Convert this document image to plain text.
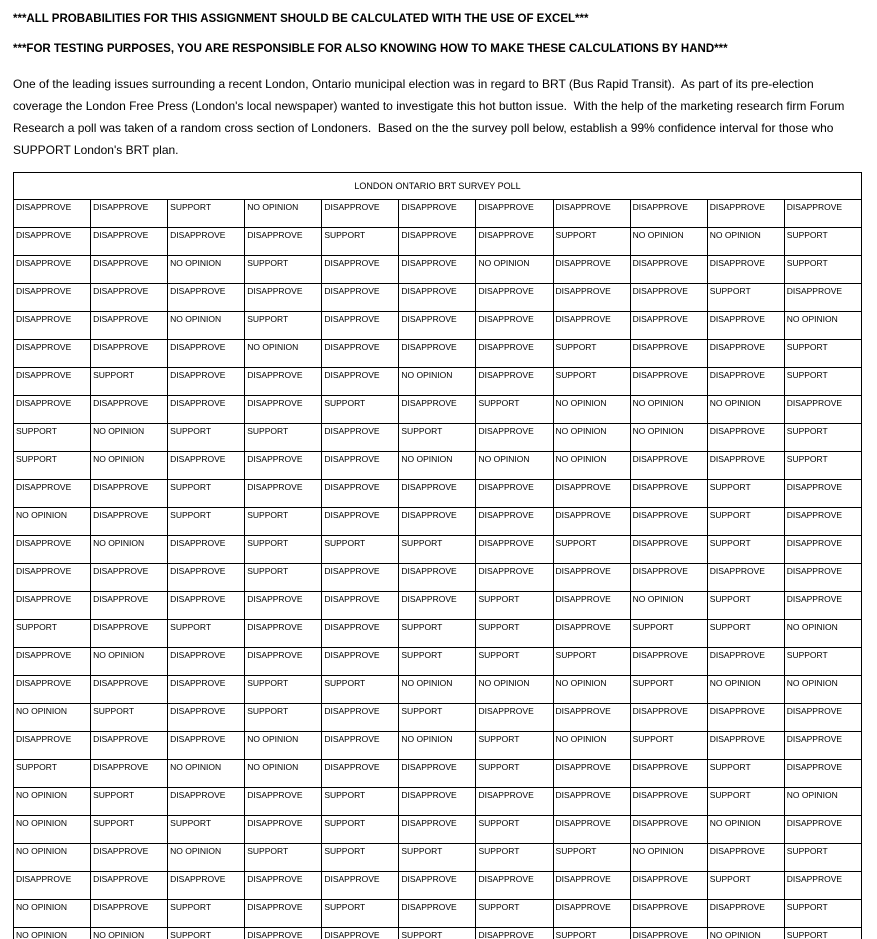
***ALL PROBABILITIES FOR THIS ASSIGNMENT SHOULD BE CALCULATED WITH THE USE OF EXCEL***

***FOR TESTING PURPOSES, YOU ARE RESPONSIBLE FOR ALSO KNOWING HOW TO MAKE THESE CALCULATIONS BY HAND***

One of the leading issues surrounding a recent London, Ontario municipal election was in regard to BRT (Bus Rapid Transit).  As part of its pre-election coverage the London Free Press (London's local newspaper) wanted to investigate this hot button issue.  With the help of the marketing research firm Forum Research a poll was taken of a random cross section of Londoners.  Based on the the survey poll below, establish a 99% confidence interval for those who SUPPORT London's BRT plan.

LONDON ONTARIO BRT SURVEY POLL										
DISAPPROVE	DISAPPROVE	SUPPORT	NO OPINION	DISAPPROVE	DISAPPROVE	DISAPPROVE	DISAPPROVE	DISAPPROVE	DISAPPROVE	DISAPPROVE
DISAPPROVE	DISAPPROVE	DISAPPROVE	DISAPPROVE	SUPPORT	DISAPPROVE	DISAPPROVE	SUPPORT	NO OPINION	NO OPINION	SUPPORT
DISAPPROVE	DISAPPROVE	NO OPINION	SUPPORT	DISAPPROVE	DISAPPROVE	NO OPINION	DISAPPROVE	DISAPPROVE	DISAPPROVE	SUPPORT
DISAPPROVE	DISAPPROVE	DISAPPROVE	DISAPPROVE	DISAPPROVE	DISAPPROVE	DISAPPROVE	DISAPPROVE	DISAPPROVE	SUPPORT	DISAPPROVE
DISAPPROVE	DISAPPROVE	NO OPINION	SUPPORT	DISAPPROVE	DISAPPROVE	DISAPPROVE	DISAPPROVE	DISAPPROVE	DISAPPROVE	NO OPINION
DISAPPROVE	DISAPPROVE	DISAPPROVE	NO OPINION	DISAPPROVE	DISAPPROVE	DISAPPROVE	SUPPORT	DISAPPROVE	DISAPPROVE	SUPPORT
DISAPPROVE	SUPPORT	DISAPPROVE	DISAPPROVE	DISAPPROVE	NO OPINION	DISAPPROVE	SUPPORT	DISAPPROVE	DISAPPROVE	SUPPORT
DISAPPROVE	DISAPPROVE	DISAPPROVE	DISAPPROVE	SUPPORT	DISAPPROVE	SUPPORT	NO OPINION	NO OPINION	NO OPINION	DISAPPROVE
SUPPORT	NO OPINION	SUPPORT	SUPPORT	DISAPPROVE	SUPPORT	DISAPPROVE	NO OPINION	NO OPINION	DISAPPROVE	SUPPORT
SUPPORT	NO OPINION	DISAPPROVE	DISAPPROVE	DISAPPROVE	NO OPINION	NO OPINION	NO OPINION	DISAPPROVE	DISAPPROVE	SUPPORT
DISAPPROVE	DISAPPROVE	SUPPORT	DISAPPROVE	DISAPPROVE	DISAPPROVE	DISAPPROVE	DISAPPROVE	DISAPPROVE	SUPPORT	DISAPPROVE
NO OPINION	DISAPPROVE	SUPPORT	SUPPORT	DISAPPROVE	DISAPPROVE	DISAPPROVE	DISAPPROVE	DISAPPROVE	SUPPORT	DISAPPROVE
DISAPPROVE	NO OPINION	DISAPPROVE	SUPPORT	SUPPORT	SUPPORT	DISAPPROVE	SUPPORT	DISAPPROVE	SUPPORT	DISAPPROVE
DISAPPROVE	DISAPPROVE	DISAPPROVE	SUPPORT	DISAPPROVE	DISAPPROVE	DISAPPROVE	DISAPPROVE	DISAPPROVE	DISAPPROVE	DISAPPROVE
DISAPPROVE	DISAPPROVE	DISAPPROVE	DISAPPROVE	DISAPPROVE	DISAPPROVE	SUPPORT	DISAPPROVE	NO OPINION	SUPPORT	DISAPPROVE
SUPPORT	DISAPPROVE	SUPPORT	DISAPPROVE	DISAPPROVE	SUPPORT	SUPPORT	DISAPPROVE	SUPPORT	SUPPORT	NO OPINION
DISAPPROVE	NO OPINION	DISAPPROVE	DISAPPROVE	DISAPPROVE	SUPPORT	SUPPORT	SUPPORT	DISAPPROVE	DISAPPROVE	SUPPORT
DISAPPROVE	DISAPPROVE	DISAPPROVE	SUPPORT	SUPPORT	NO OPINION	NO OPINION	NO OPINION	SUPPORT	NO OPINION	NO OPINION
NO OPINION	SUPPORT	DISAPPROVE	SUPPORT	DISAPPROVE	SUPPORT	DISAPPROVE	DISAPPROVE	DISAPPROVE	DISAPPROVE	DISAPPROVE
DISAPPROVE	DISAPPROVE	DISAPPROVE	NO OPINION	DISAPPROVE	NO OPINION	SUPPORT	NO OPINION	SUPPORT	DISAPPROVE	DISAPPROVE
SUPPORT	DISAPPROVE	NO OPINION	NO OPINION	DISAPPROVE	DISAPPROVE	SUPPORT	DISAPPROVE	DISAPPROVE	SUPPORT	DISAPPROVE
NO OPINION	SUPPORT	DISAPPROVE	DISAPPROVE	SUPPORT	DISAPPROVE	DISAPPROVE	DISAPPROVE	DISAPPROVE	SUPPORT	NO OPINION
NO OPINION	SUPPORT	SUPPORT	DISAPPROVE	SUPPORT	DISAPPROVE	SUPPORT	DISAPPROVE	DISAPPROVE	NO OPINION	DISAPPROVE
NO OPINION	DISAPPROVE	NO OPINION	SUPPORT	SUPPORT	SUPPORT	SUPPORT	SUPPORT	NO OPINION	DISAPPROVE	SUPPORT
DISAPPROVE	DISAPPROVE	DISAPPROVE	DISAPPROVE	DISAPPROVE	DISAPPROVE	DISAPPROVE	DISAPPROVE	DISAPPROVE	SUPPORT	DISAPPROVE
NO OPINION	DISAPPROVE	SUPPORT	DISAPPROVE	SUPPORT	DISAPPROVE	SUPPORT	DISAPPROVE	DISAPPROVE	DISAPPROVE	SUPPORT
NO OPINION	NO OPINION	SUPPORT	DISAPPROVE	DISAPPROVE	SUPPORT	DISAPPROVE	SUPPORT	DISAPPROVE	NO OPINION	SUPPORT
